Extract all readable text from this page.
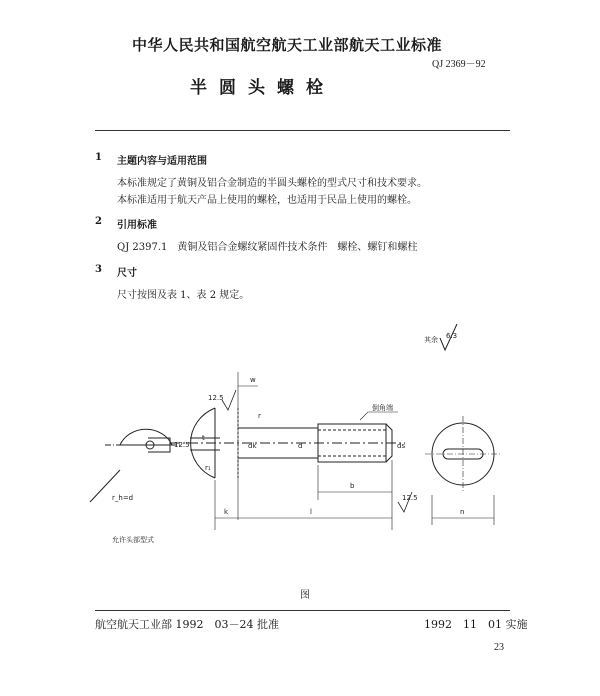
中华人民共和国航空航天工业部航天工业标准
QJ 2369－92
半圆头螺栓
1 主题内容与适用范围
本标准规定了黄铜及铝合金制造的半圆头螺栓的型式尺寸和技术要求。
本标准适用于航天产品上使用的螺栓，也适用于民品上使用的螺栓。
2 引用标准
QJ 2397.1　黄铜及铝合金螺纹紧固件技术条件　螺栓、螺钉和螺柱
3 尺寸
尺寸按图及表 1、表 2 规定。
其余 6.3
倒角端
w
r
r₁
dk	d	ds
b
l
k	n
r_h=d
12.5
12.5
12.5
t
允许头部型式
图
航空航天工业部 1992　03－24 批准	1992　11　01 实施
23
